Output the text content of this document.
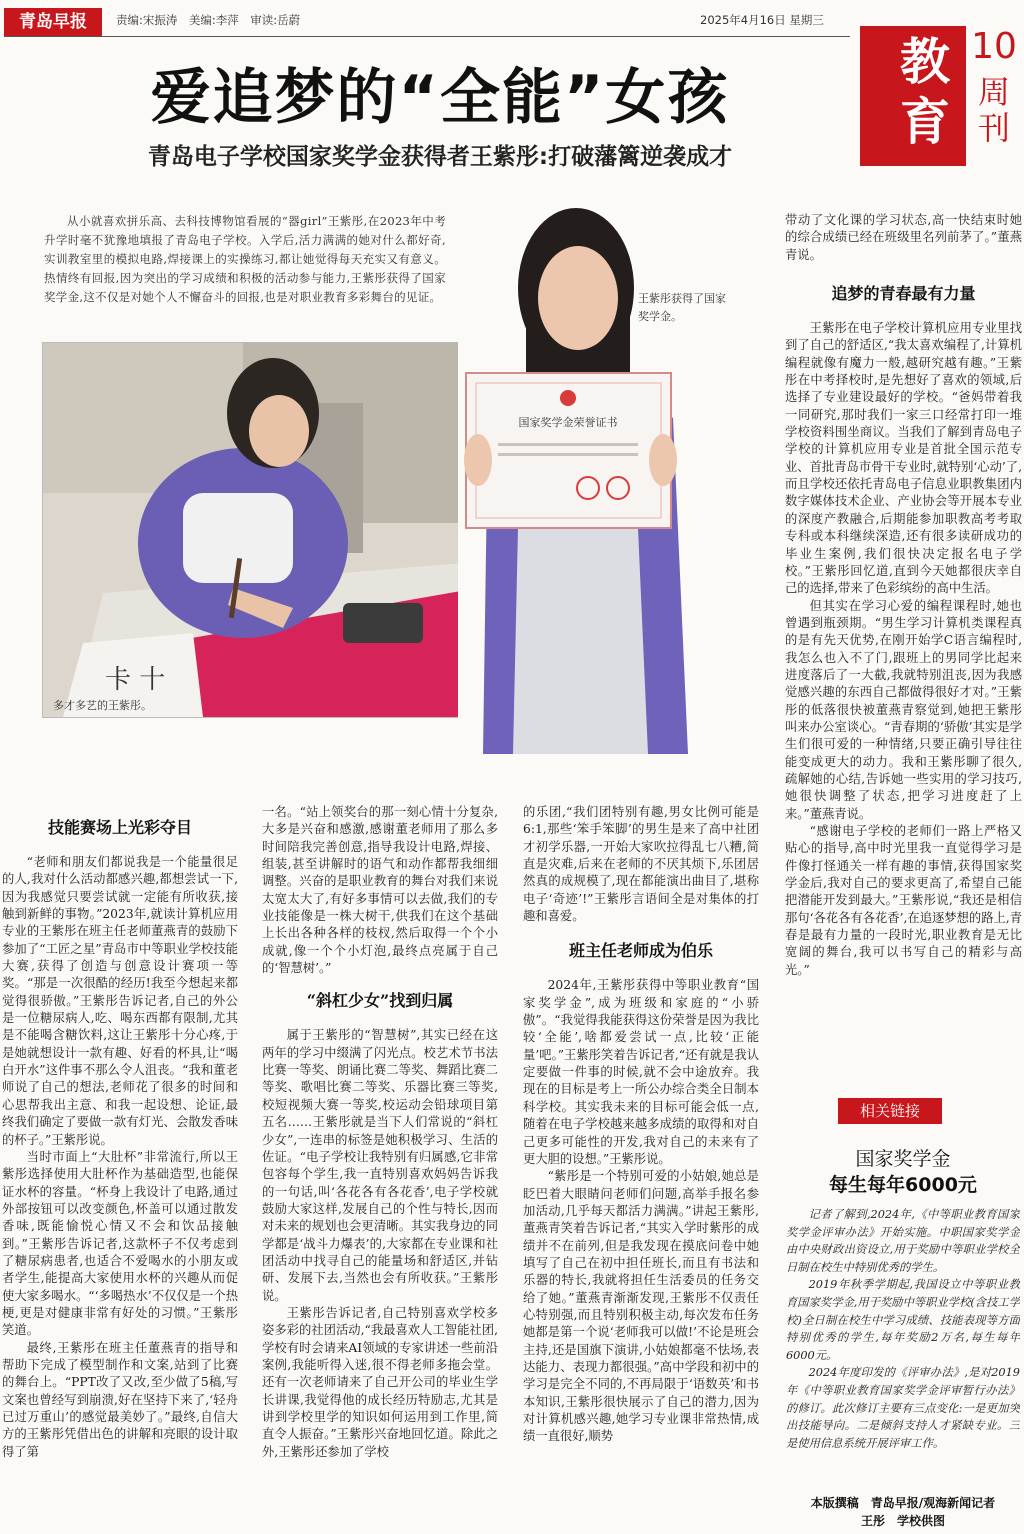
青岛早报	责编:宋振涛　美编:李萍　审读:岳蔚	2025年4月16日 星期三
教育
10
周刊
爱追梦的“全能”女孩
青岛电子学校国家奖学金获得者王紫彤:打破藩篱逆袭成才

从小就喜欢拼乐高、去科技博物馆看展的“器girl”王紫彤,在2023年中考升学时毫不犹豫地填报了青岛电子学校。入学后,活力满满的她对什么都好奇,实训教室里的模拟电路,焊接课上的实操练习,都让她觉得每天充实又有意义。热情终有回报,因为突出的学习成绩和积极的活动参与能力,王紫彤获得了国家奖学金,这不仅是对她个人不懈奋斗的回报,也是对职业教育多彩舞台的见证。

卡 十
多才多艺的王紫彤。
国家奖学金荣誉证书
王紫彤获得了国家奖学金。
技能赛场上光彩夺目

“老师和朋友们都说我是一个能量很足的人,我对什么活动都感兴趣,都想尝试一下,因为我感觉只要尝试就一定能有所收获,接触到新鲜的事物。”2023年,就读计算机应用专业的王紫彤在班主任老师董燕青的鼓励下参加了“工匠之星”青岛市中等职业学校技能大赛,获得了创造与创意设计赛项一等奖。“那是一次很酷的经历!我至今想起来都觉得很骄傲。”王紫彤告诉记者,自己的外公是一位糖尿病人,吃、喝东西都有限制,尤其是不能喝含糖饮料,这让王紫彤十分心疼,于是她就想设计一款有趣、好看的杯具,让“喝白开水”这件事不那么令人沮丧。“我和董老师说了自己的想法,老师花了很多的时间和心思帮我出主意、和我一起设想、论证,最终我们确定了要做一款有灯光、会散发香味的杯子。”王紫彤说。

当时市面上“大肚杯”非常流行,所以王紫彤选择使用大肚杯作为基础造型,也能保证水杯的容量。“杯身上我设计了电路,通过外部按钮可以改变颜色,杯盖可以通过散发香味,既能愉悦心情又不会和饮品接触到。”王紫彤告诉记者,这款杯子不仅考虑到了糖尿病患者,也适合不爱喝水的小朋友或者学生,能提高大家使用水杯的兴趣从而促使大家多喝水。“‘多喝热水’不仅仅是一个热梗,更是对健康非常有好处的习惯。”王紫彤笑道。

最终,王紫彤在班主任董燕青的指导和帮助下完成了模型制作和文案,站到了比赛的舞台上。“PPT改了又改,至少做了5稿,写文案也曾经写到崩溃,好在坚持下来了,‘轻舟已过万重山’的感觉最美妙了。”最终,自信大方的王紫彤凭借出色的讲解和亮眼的设计取得了第

一名。“站上领奖台的那一刻心情十分复杂,大多是兴奋和感激,感谢董老师用了那么多时间陪我完善创意,指导我设计电路,焊接、组装,甚至讲解时的语气和动作都帮我细细调整。兴奋的是职业教育的舞台对我们来说太宽太大了,有好多事情可以去做,我们的专业技能像是一株大树干,供我们在这个基础上长出各种各样的枝杈,然后取得一个个小成就,像一个个小灯泡,最终点亮属于自己的‘智慧树’。”

“斜杠少女”找到归属

属于王紫彤的“智慧树”,其实已经在这两年的学习中缀满了闪光点。校艺术节书法比赛一等奖、朗诵比赛二等奖、舞蹈比赛二等奖、歌唱比赛二等奖、乐器比赛三等奖,校短视频大赛一等奖,校运动会铅球项目第五名……王紫彤就是当下人们常说的“斜杠少女”,一连串的标签是她积极学习、生活的佐证。“电子学校让我特别有归属感,它非常包容每个学生,我一直特别喜欢妈妈告诉我的一句话,叫‘各花各有各花香’,电子学校就鼓励大家这样,发展自己的个性与特长,因而对未来的规划也会更清晰。其实我身边的同学都是‘战斗力爆表’的,大家都在专业课和社团活动中找寻自己的能量场和舒适区,并钻研、发展下去,当然也会有所收获。”王紫彤说。

王紫彤告诉记者,自己特别喜欢学校多姿多彩的社团活动,“我最喜欢人工智能社团,学校有时会请来AI领域的专家讲述一些前沿案例,我能听得入迷,很不得老师多拖会堂。还有一次老师请来了自己开公司的毕业生学长讲课,我觉得他的成长经历特励志,尤其是讲到学校里学的知识如何运用到工作里,简直令人振奋。”王紫彤兴奋地回忆道。除此之外,王紫彤还参加了学校

的乐团,“我们团特别有趣,男女比例可能是6:1,那些‘笨手笨脚’的男生是来了高中社团才初学乐器,一开始大家吹拉得乱七八糟,简直是灾难,后来在老师的不厌其烦下,乐团居然真的成规模了,现在都能演出曲目了,堪称电子‘奇迹’!”王紫彤言语间全是对集体的打趣和喜爱。

班主任老师成为伯乐

2024年,王紫彤获得中等职业教育“国家奖学金”,成为班级和家庭的“小骄傲”。“我觉得我能获得这份荣誉是因为我比较‘全能’,啥都爱尝试一点,比较‘正能量’吧。”王紫彤笑着告诉记者,“还有就是我认定要做一件事的时候,就不会中途放弃。我现在的目标是考上一所公办综合类全日制本科学校。其实我未来的目标可能会低一点,随着在电子学校越来越多成绩的取得和对自己更多可能性的开发,我对自己的未来有了更大胆的设想。”王紫彤说。

“紫彤是一个特别可爱的小姑娘,她总是眨巴着大眼睛问老师们问题,高举手报名参加活动,几乎每天都活力满满。”讲起王紫彤,董燕青笑着告诉记者,“其实入学时紫彤的成绩并不在前列,但是我发现在摸底问卷中她填写了自己在初中担任班长,而且有书法和乐器的特长,我就将担任生活委员的任务交给了她。”董燕青渐渐发现,王紫彤不仅责任心特别强,而且特别积极主动,每次发布任务她都是第一个说‘老师我可以做!’不论是班会主持,还是国旗下演讲,小姑娘都毫不怯场,表达能力、表现力都很强。”高中学段和初中的学习是完全不同的,不再局限于‘语数英’和书本知识,王紫彤很快展示了自己的潜力,因为对计算机感兴趣,她学习专业课非常热情,成绩一直很好,顺势

带动了文化课的学习状态,高一快结束时她的综合成绩已经在班级里名列前茅了。”董燕青说。

追梦的青春最有力量

王紫彤在电子学校计算机应用专业里找到了自己的舒适区,“我太喜欢编程了,计算机编程就像有魔力一般,越研究越有趣。”王紫彤在中考择校时,是先想好了喜欢的领域,后选择了专业建设最好的学校。“爸妈带着我一同研究,那时我们一家三口经常打印一堆学校资料围坐商议。当我们了解到青岛电子学校的计算机应用专业是首批全国示范专业、首批青岛市骨干专业时,就特别‘心动’了,而且学校还依托青岛电子信息业职教集团内数字媒体技术企业、产业协会等开展本专业的深度产教融合,后期能参加职教高考考取专科或本科继续深造,还有很多读研成功的毕业生案例,我们很快决定报名电子学校。”王紫彤回忆道,直到今天她都很庆幸自己的选择,带来了色彩缤纷的高中生活。

但其实在学习心爱的编程课程时,她也曾遇到瓶颈期。“男生学习计算机类课程真的是有先天优势,在刚开始学C语言编程时,我怎么也入不了门,跟班上的男同学比起来进度落后了一大截,我就特别沮丧,因为我感觉感兴趣的东西自己都做得很好才对。”王紫彤的低落很快被董燕青察觉到,她把王紫彤叫来办公室谈心。“青春期的‘骄傲’其实是学生们很可爱的一种情绪,只要正确引导往往能变成更大的动力。我和王紫彤聊了很久,疏解她的心结,告诉她一些实用的学习技巧,她很快调整了状态,把学习进度赶了上来。”董燕青说。

“感谢电子学校的老师们一路上严格又贴心的指导,高中时光里我一直觉得学习是件像打怪通关一样有趣的事情,获得国家奖学金后,我对自己的要求更高了,希望自己能把潜能开发到最大。”王紫彤说,“我还是相信那句‘各花各有各花香’,在追逐梦想的路上,青春是最有力量的一段时光,职业教育是无比宽阔的舞台,我可以书写自己的精彩与高光。”

相关链接
国家奖学金
每生每年6000元

记者了解到,2024年,《中等职业教育国家奖学金评审办法》开始实施。中职国家奖学金由中央财政出资设立,用于奖励中等职业学校全日制在校生中特别优秀的学生。

2019年秋季学期起,我国设立中等职业教育国家奖学金,用于奖励中等职业学校(含技工学校)全日制在校生中学习成绩、技能表现等方面特别优秀的学生,每年奖励2万名,每生每年6000元。

2024年度印发的《评审办法》,是对2019年《中等职业教育国家奖学金评审暂行办法》的修订。此次修订主要有三点变化:一是更加突出技能导向。二是倾斜支持人才紧缺专业。三是使用信息系统开展评审工作。

本版撰稿　青岛早报/观海新闻记者
王彤　学校供图
